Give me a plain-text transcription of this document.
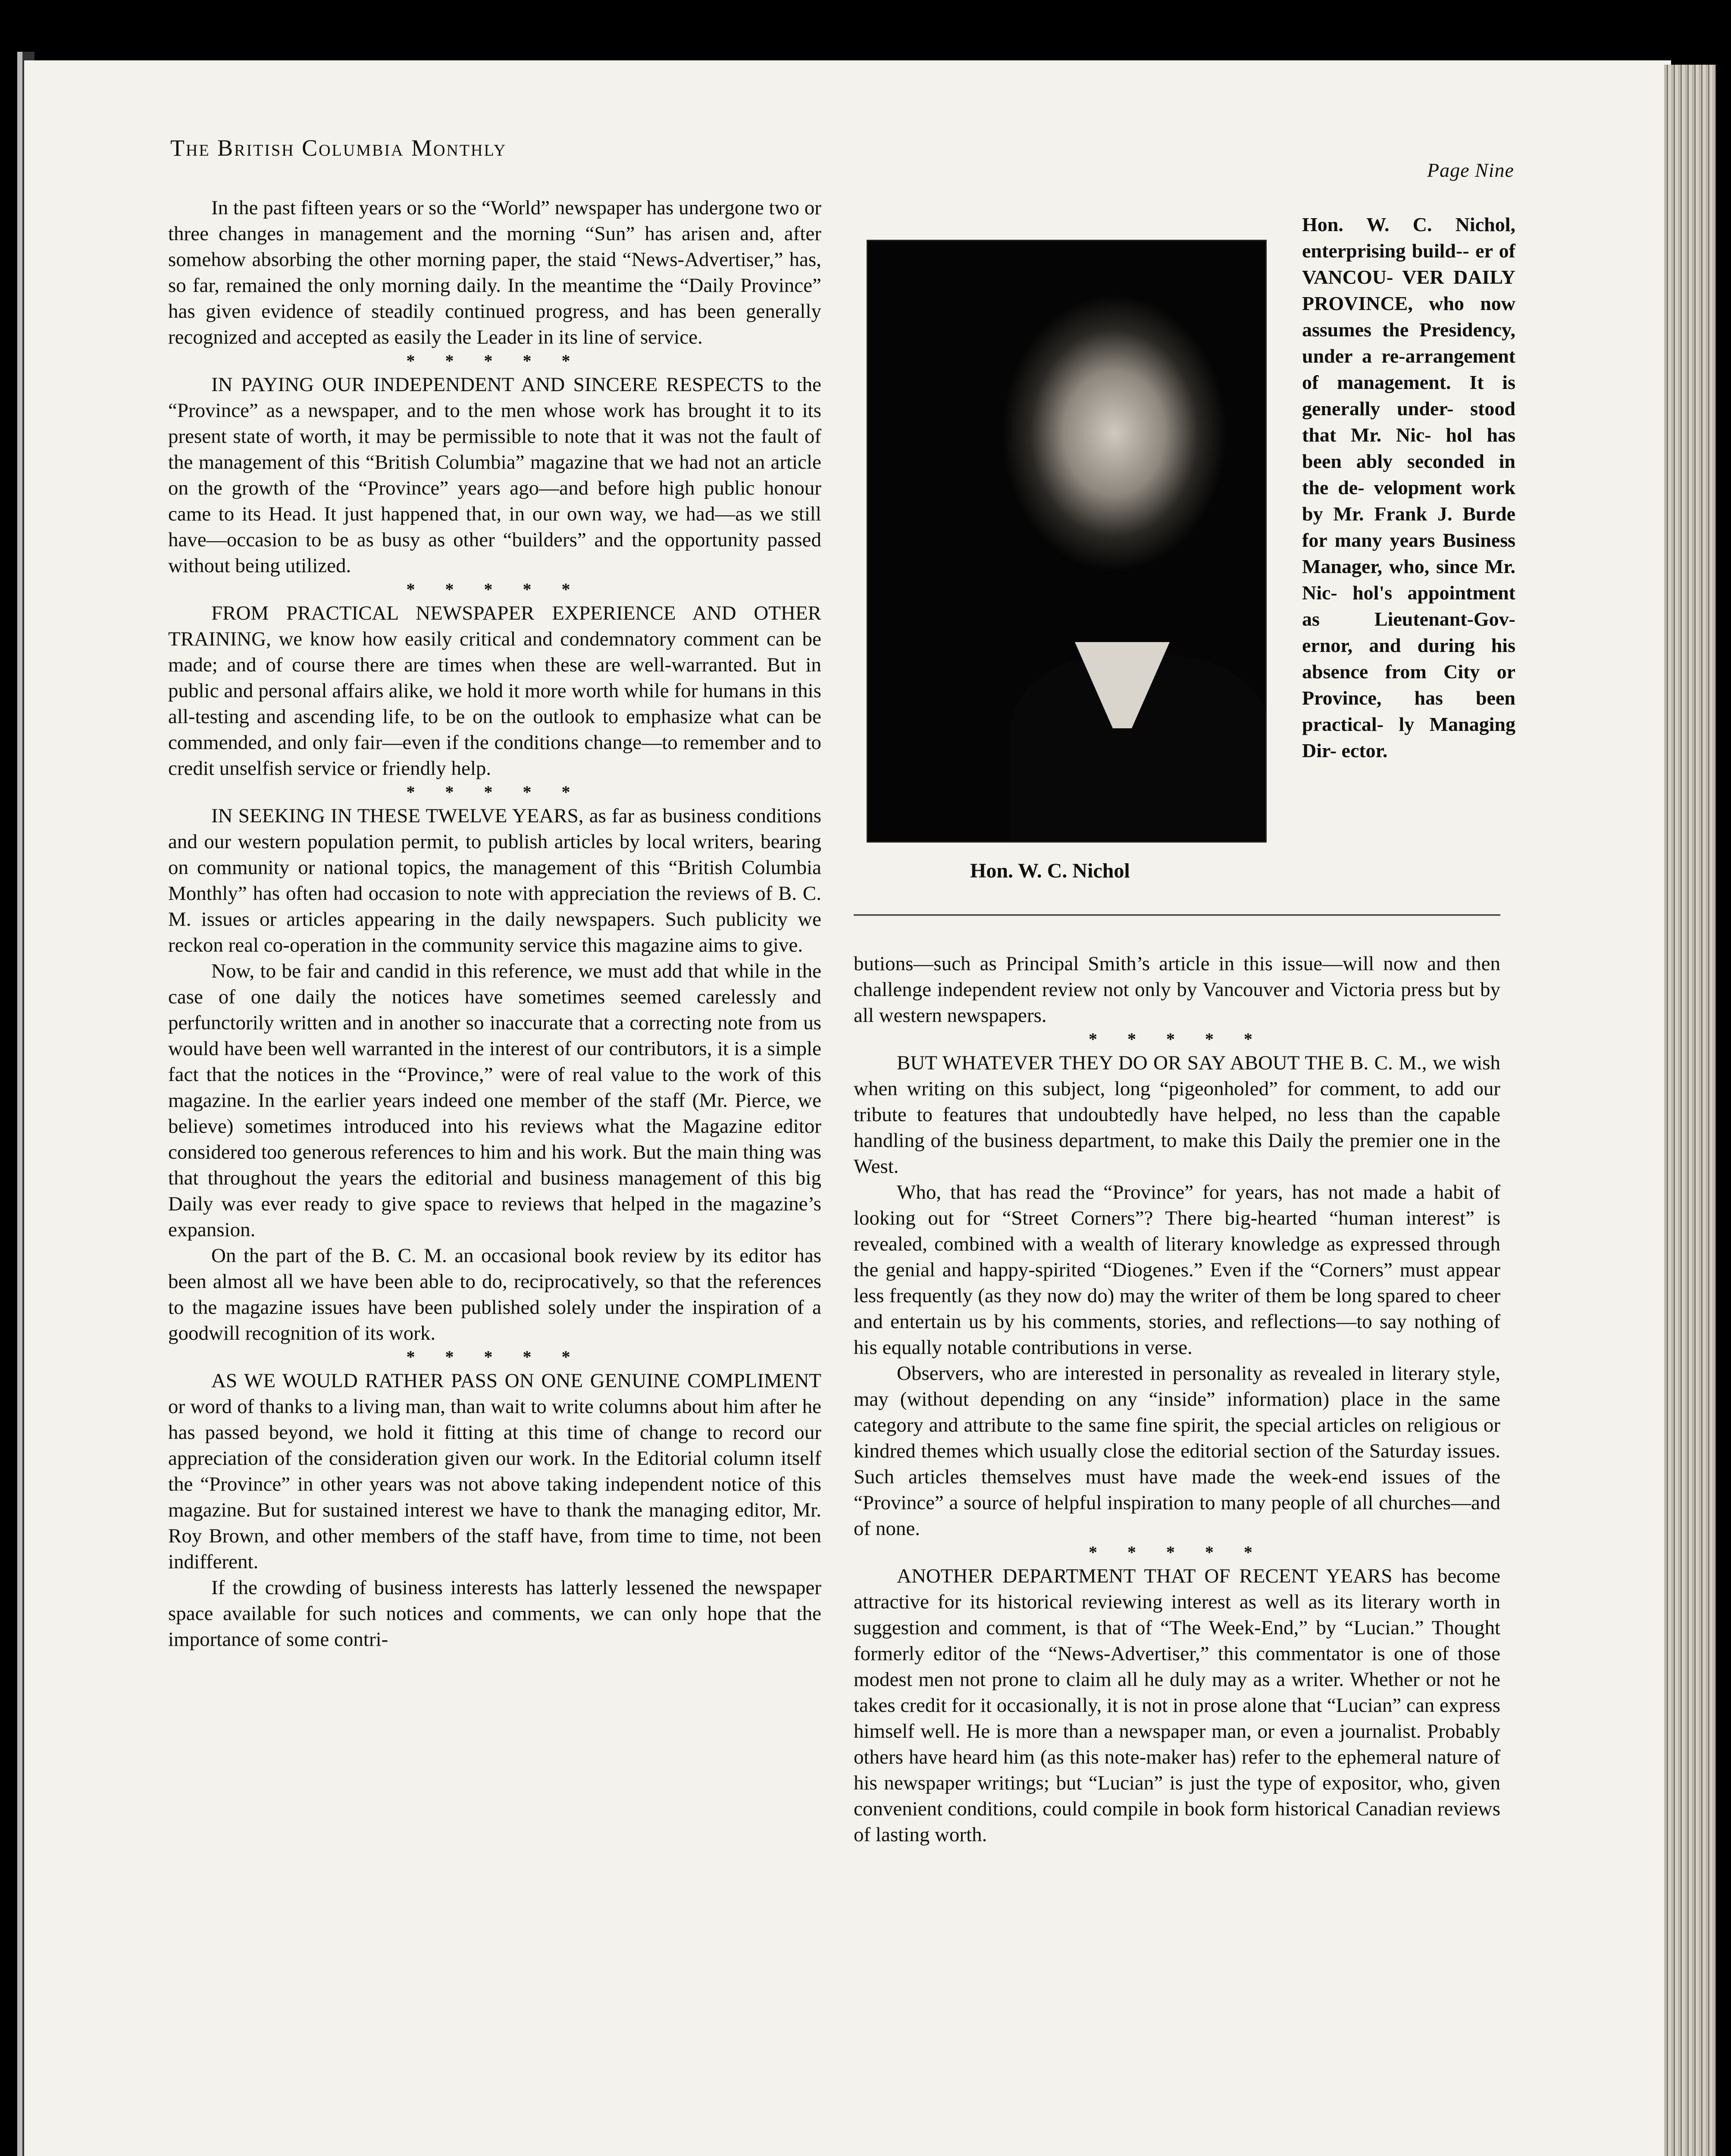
The British Columbia Monthly
Page Nine

In the past fifteen years or so the “World” newspaper has undergone two or three changes in management and the morning “Sun” has arisen and, after somehow absorbing the other morning paper, the staid “News-Advertiser,” has, so far, remained the only morning daily. In the meantime the “Daily Province” has given evidence of steadily continued progress, and has been generally recognized and accepted as easily the Leader in its line of service.

* * * * *

IN PAYING OUR INDEPENDENT AND SINCERE RESPECTS to the “Province” as a newspaper, and to the men whose work has brought it to its present state of worth, it may be permissible to note that it was not the fault of the management of this “British Columbia” magazine that we had not an article on the growth of the “Province” years ago—and before high public honour came to its Head. It just happened that, in our own way, we had—as we still have—occasion to be as busy as other “builders” and the opportunity passed without being utilized.

* * * * *

FROM PRACTICAL NEWSPAPER EXPERIENCE AND OTHER TRAINING, we know how easily critical and condemnatory comment can be made; and of course there are times when these are well-warranted. But in public and personal affairs alike, we hold it more worth while for humans in this all-testing and ascending life, to be on the outlook to emphasize what can be commended, and only fair—even if the conditions change—to remember and to credit unselfish service or friendly help.

* * * * *

IN SEEKING IN THESE TWELVE YEARS, as far as business conditions and our western population permit, to publish articles by local writers, bearing on community or national topics, the management of this “British Columbia Monthly” has often had occasion to note with appreciation the reviews of B. C. M. issues or articles appearing in the daily newspapers. Such publicity we reckon real co-operation in the community service this magazine aims to give.

Now, to be fair and candid in this reference, we must add that while in the case of one daily the notices have sometimes seemed carelessly and perfunctorily written and in another so inaccurate that a correcting note from us would have been well warranted in the interest of our contributors, it is a simple fact that the notices in the “Province,” were of real value to the work of this magazine. In the earlier years indeed one member of the staff (Mr. Pierce, we believe) sometimes introduced into his reviews what the Magazine editor considered too generous references to him and his work. But the main thing was that throughout the years the editorial and business management of this big Daily was ever ready to give space to reviews that helped in the magazine’s expansion.

On the part of the B. C. M. an occasional book review by its editor has been almost all we have been able to do, reciprocatively, so that the references to the magazine issues have been published solely under the inspiration of a goodwill recognition of its work.

* * * * *

AS WE WOULD RATHER PASS ON ONE GENUINE COMPLIMENT or word of thanks to a living man, than wait to write columns about him after he has passed beyond, we hold it fitting at this time of change to record our appreciation of the consideration given our work. In the Editorial column itself the “Province” in other years was not above taking independent notice of this magazine. But for sustained interest we have to thank the managing editor, Mr. Roy Brown, and other members of the staff have, from time to time, not been indifferent.

If the crowding of business interests has latterly lessened the newspaper space available for such notices and comments, we can only hope that the importance of some contri-

Hon. W. C. Nichol

Hon. W. C. Nichol, enterprising build-- er of VANCOU- VER DAILY PROVINCE, who now assumes the Presidency, under a re-arrangement of management. It is generally under- stood that Mr. Nic- hol has been ably seconded in the de- velopment work by Mr. Frank J. Burde for many years Business Manager, who, since Mr. Nic- hol's appointment as Lieutenant-Gov- ernor, and during his absence from City or Province, has been practical- ly Managing Dir- ector.

butions—such as Principal Smith’s article in this issue—will now and then challenge independent review not only by Vancouver and Victoria press but by all western newspapers.

* * * * *

BUT WHATEVER THEY DO OR SAY ABOUT THE B. C. M., we wish when writing on this subject, long “pigeonholed” for comment, to add our tribute to features that undoubtedly have helped, no less than the capable handling of the business department, to make this Daily the premier one in the West.

Who, that has read the “Province” for years, has not made a habit of looking out for “Street Corners”? There big-hearted “human interest” is revealed, combined with a wealth of literary knowledge as expressed through the genial and happy-spirited “Diogenes.” Even if the “Corners” must appear less frequently (as they now do) may the writer of them be long spared to cheer and entertain us by his comments, stories, and reflections—to say nothing of his equally notable contributions in verse.

Observers, who are interested in personality as revealed in literary style, may (without depending on any “inside” information) place in the same category and attribute to the same fine spirit, the special articles on religious or kindred themes which usually close the editorial section of the Saturday issues. Such articles themselves must have made the week-end issues of the “Province” a source of helpful inspiration to many people of all churches—and of none.

* * * * *

ANOTHER DEPARTMENT THAT OF RECENT YEARS has become attractive for its historical reviewing interest as well as its literary worth in suggestion and comment, is that of “The Week-End,” by “Lucian.” Thought formerly editor of the “News-Advertiser,” this commentator is one of those modest men not prone to claim all he duly may as a writer. Whether or not he takes credit for it occasionally, it is not in prose alone that “Lucian” can express himself well. He is more than a newspaper man, or even a journalist. Probably others have heard him (as this note-maker has) refer to the ephemeral nature of his newspaper writings; but “Lucian” is just the type of expositor, who, given convenient conditions, could compile in book form historical Canadian reviews of lasting worth.
